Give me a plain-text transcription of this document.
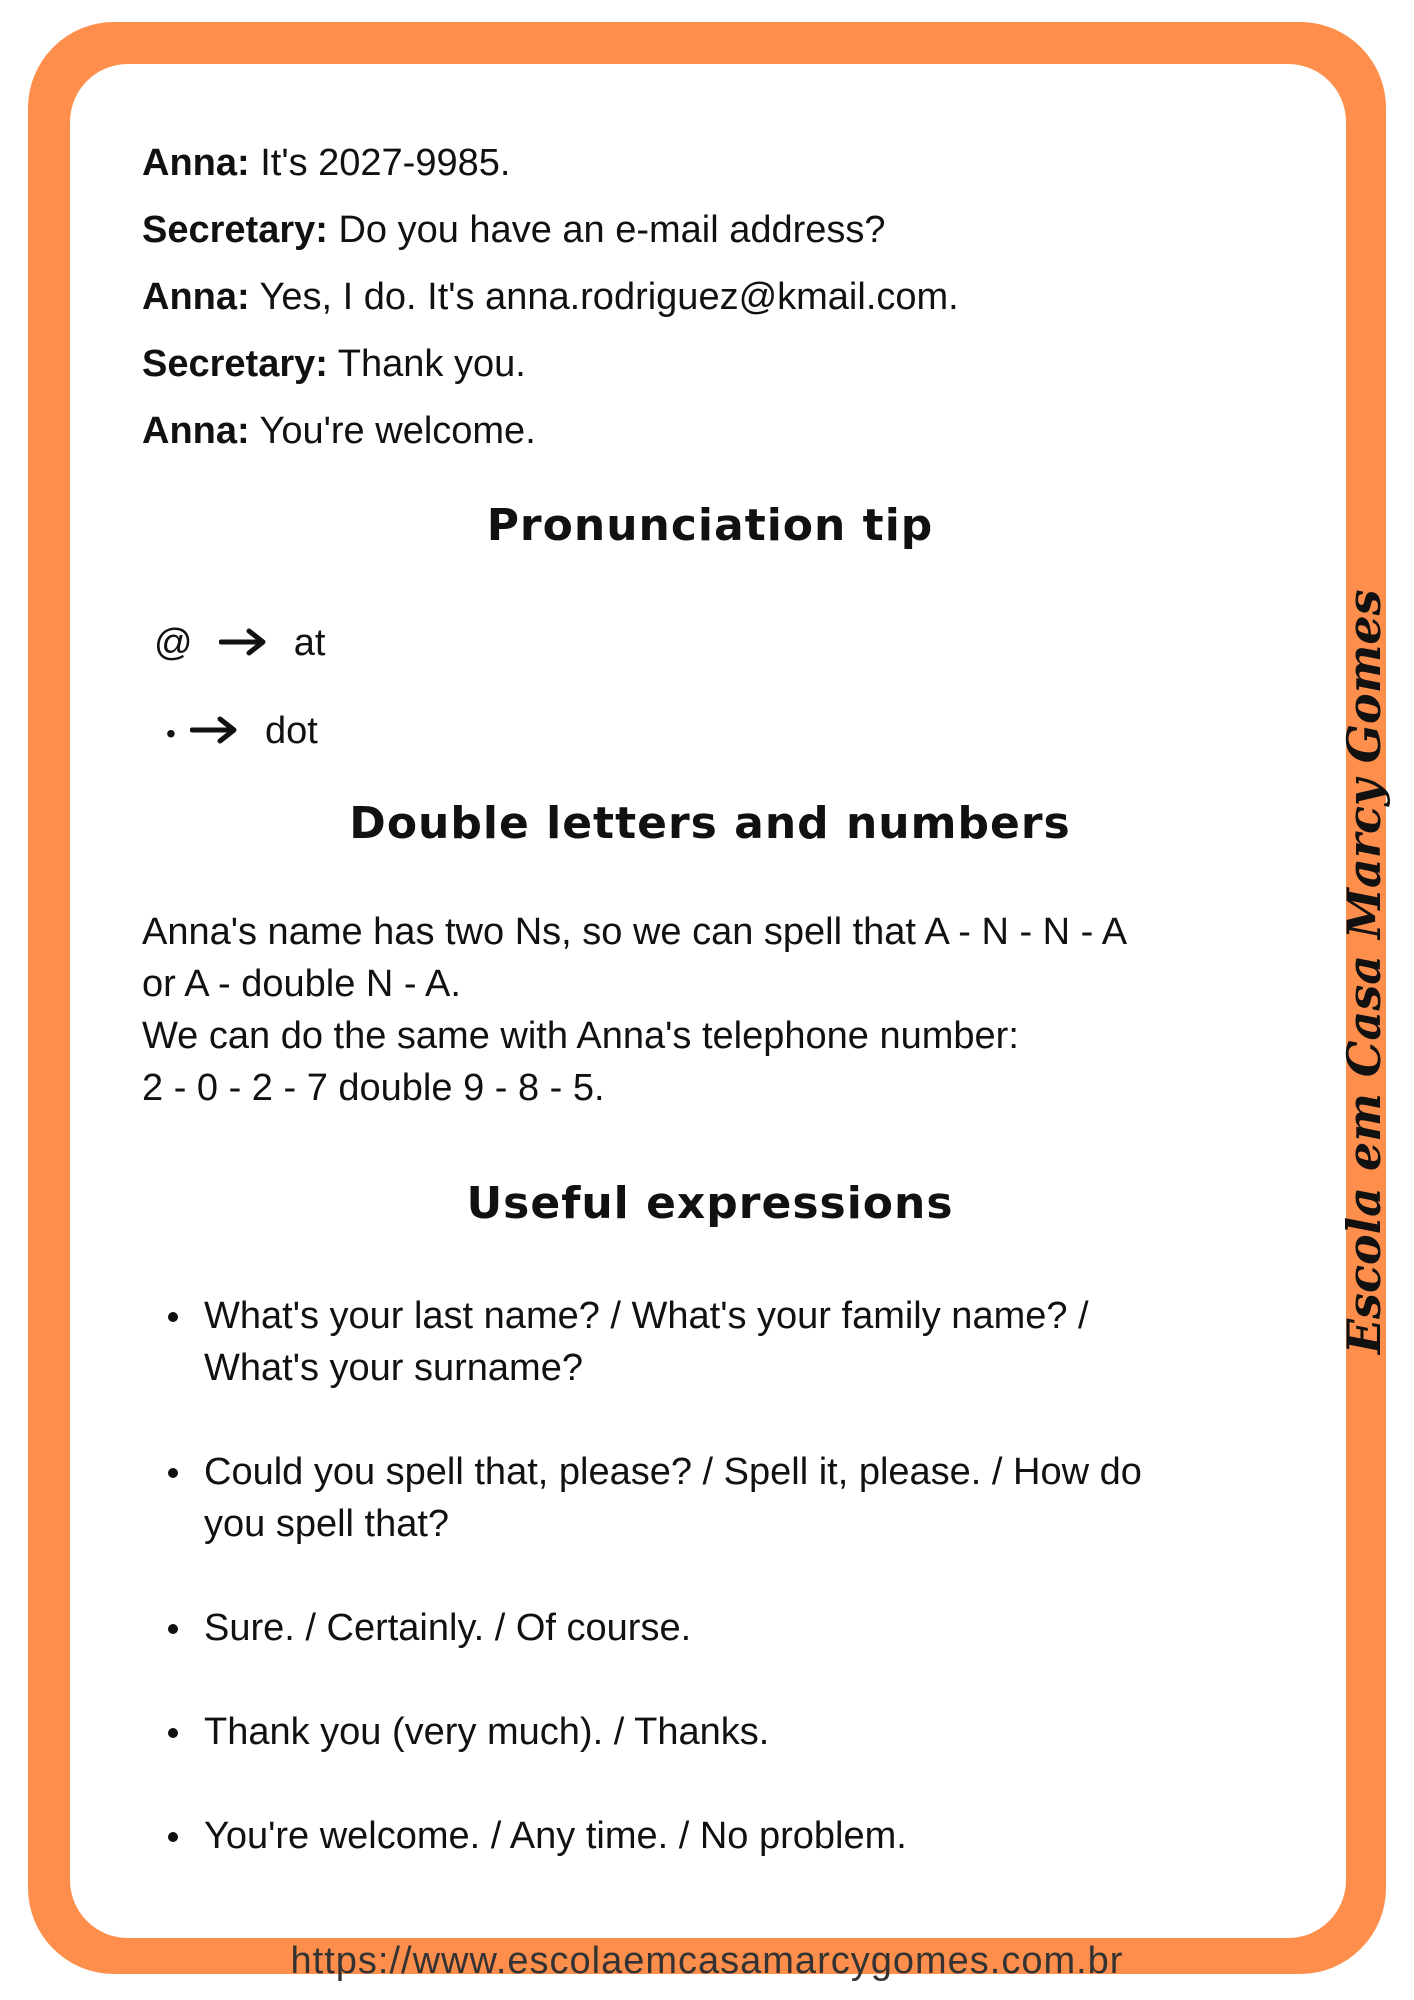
Anna: It's 2027-9985.
Secretary: Do you have an e-mail address?
Anna: Yes, I do. It's anna.rodriguez@kmail.com.
Secretary: Thank you.
Anna: You're welcome.
Pronunciation tip
@	at
• dot
Double letters and numbers
Anna's name has two Ns, so we can spell that A - N - N - A
or A - double N - A.
We can do the same with Anna's telephone number:
2 - 0 - 2 - 7 double 9 - 8 - 5.
Useful expressions
What's your last name? / What's your family name? /
What's your surname?
Could you spell that, please? / Spell it, please. / How do
you spell that?
Sure. / Certainly. / Of course.
Thank you (very much). / Thanks.
You're welcome. / Any time. / No problem.
Escola em Casa Marcy Gomes
https://www.escolaemcasamarcygomes.com.br
